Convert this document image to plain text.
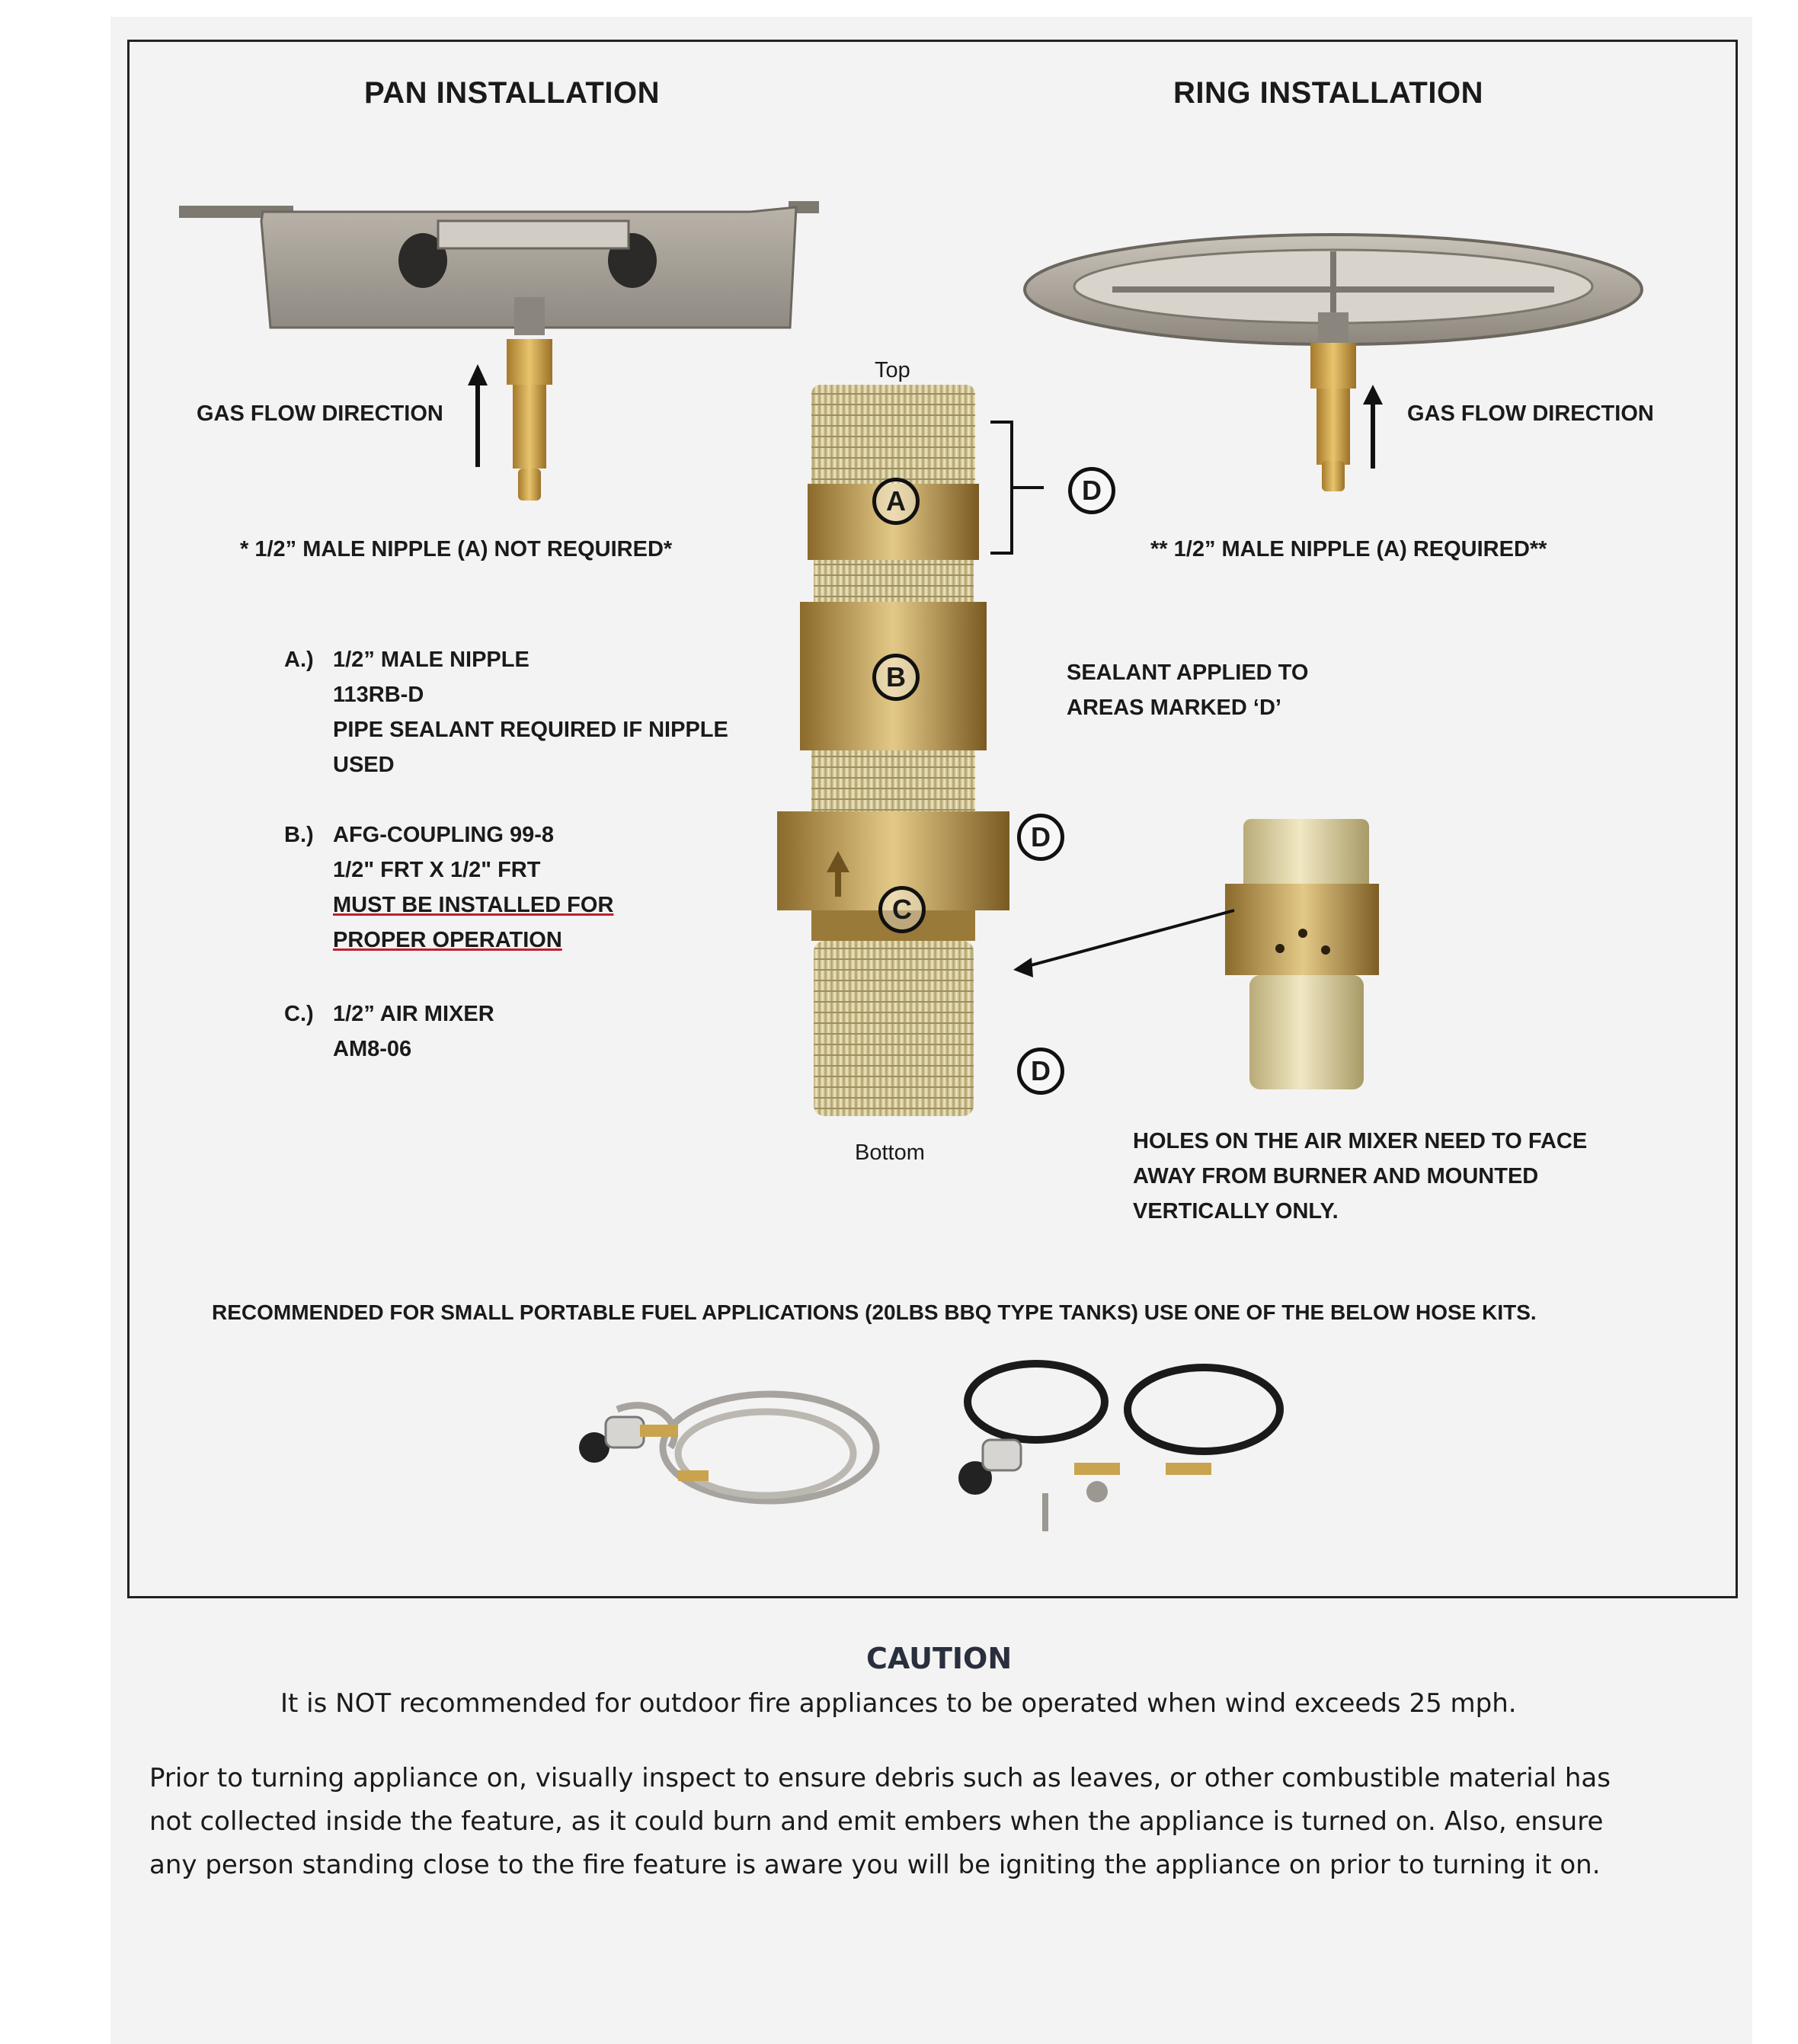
PAN INSTALLATION	RING INSTALLATION
GAS FLOW DIRECTION
* 1/2” MALE NIPPLE (A) NOT REQUIRED*
GAS FLOW DIRECTION
** 1/2” MALE NIPPLE (A) REQUIRED**
Top
Bottom
A
B
C
D
SEALANT APPLIED TO
AREAS MARKED ‘D’
A.) 1/2” MALE NIPPLE
113RB-D
PIPE SEALANT REQUIRED IF NIPPLE
USED
B.) AFG-COUPLING 99-8
1/2" FRT X 1/2" FRT
MUST BE INSTALLED FOR
PROPER OPERATION
C.) 1/2” AIR MIXER
AM8-06
D
D
HOLES ON THE AIR MIXER NEED TO FACE
AWAY FROM BURNER AND MOUNTED
VERTICALLY ONLY.
RECOMMENDED FOR SMALL PORTABLE FUEL APPLICATIONS (20LBS BBQ TYPE TANKS) USE ONE OF THE BELOW HOSE KITS.
CAUTION
It is NOT recommended for outdoor fire appliances to be operated when wind exceeds 25 mph.
Prior to turning appliance on, visually inspect to ensure debris such as leaves, or other combustible material has
not collected inside the feature, as it could burn and emit embers when the appliance is turned on. Also, ensure
any person standing close to the fire feature is aware you will be igniting the appliance on prior to turning it on.
